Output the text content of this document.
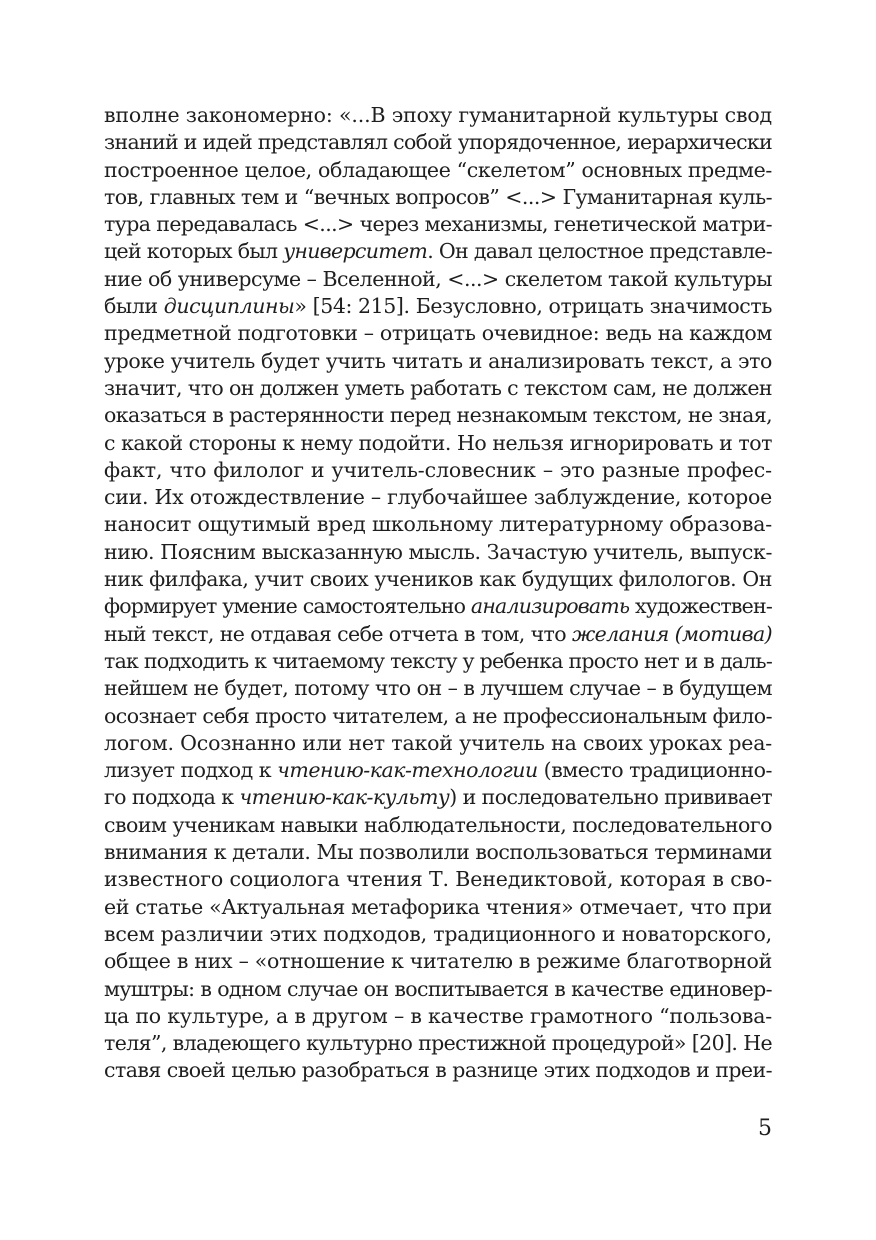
вполне закономерно: «...В эпоху гуманитарной культуры свод
знаний и идей представлял собой упорядоченное, иерархически
построенное целое, обладающее “скелетом” основных предме-
тов, главных тем и “вечных вопросов” <...> Гуманитарная куль-
тура передавалась <...> через механизмы, генетической матри-
цей которых был университет. Он давал целостное представле-
ние об универсуме – Вселенной, <...> скелетом такой культуры
были дисциплины» [54: 215]. Безусловно, отрицать значимость
предметной подготовки – отрицать очевидное: ведь на каждом
уроке учитель будет учить читать и анализировать текст, а это
значит, что он должен уметь работать с текстом сам, не должен
оказаться в растерянности перед незнакомым текстом, не зная,
с какой стороны к нему подойти. Но нельзя игнорировать и тот
факт, что филолог и учитель-словесник – это разные профес-
сии. Их отождествление – глубочайшее заблуждение, которое
наносит ощутимый вред школьному литературному образова-
нию. Поясним высказанную мысль. Зачастую учитель, выпуск-
ник филфака, учит своих учеников как будущих филологов. Он
формирует умение самостоятельно анализировать художествен-
ный текст, не отдавая себе отчета в том, что желания (мотива)
так подходить к читаемому тексту у ребенка просто нет и в даль-
нейшем не будет, потому что он – в лучшем случае – в будущем
осознает себя просто читателем, а не профессиональным фило-
логом. Осознанно или нет такой учитель на своих уроках реа-
лизует подход к чтению-как-технологии (вместо традиционно-
го подхода к чтению-как-культу) и последовательно прививает
своим ученикам навыки наблюдательности, последовательного
внимания к детали. Мы позволили воспользоваться терминами
известного социолога чтения Т. Венедиктовой, которая в сво-
ей статье «Актуальная метафорика чтения» отмечает, что при
всем различии этих подходов, традиционного и новаторского,
общее в них – «отношение к читателю в режиме благотворной
муштры: в одном случае он воспитывается в качестве единовер-
ца по культуре, а в другом – в качестве грамотного “пользова-
теля”, владеющего культурно престижной процедурой» [20]. Не
ставя своей целью разобраться в разнице этих подходов и преи-
5
